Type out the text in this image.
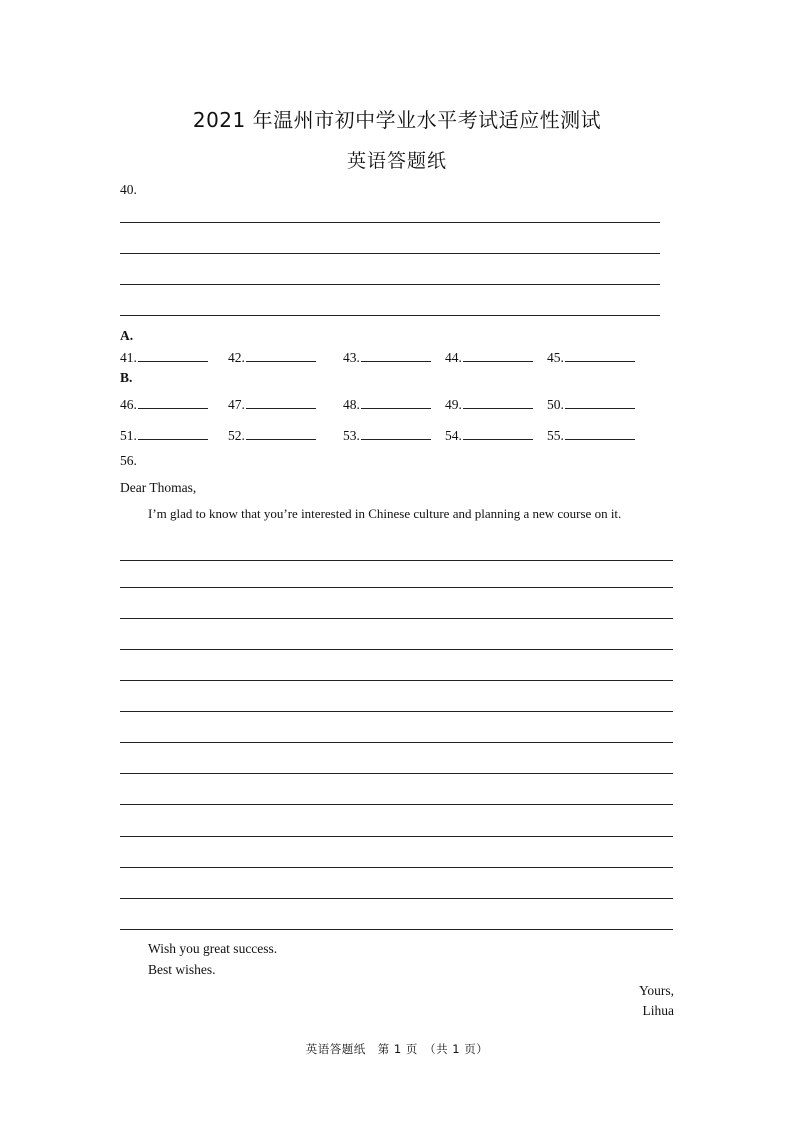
2021 年温州市初中学业水平考试适应性测试
英语答题纸
40.
A.
41.	42.	43.	44.	45.
B.
46.	47.	48.	49.	50.
51.	52.	53.	54.	55.
56.
Dear Thomas,
I’m glad to know that you’re interested in Chinese culture and planning a new course on it.
Wish you great success.
Best wishes.
Yours,
Lihua
英语答题纸　第 1 页　（共 1 页）
